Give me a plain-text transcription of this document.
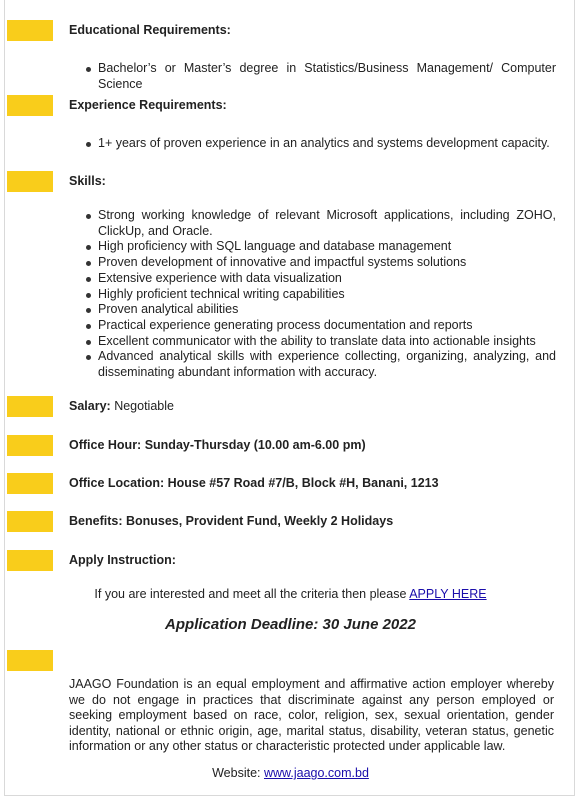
Educational Requirements:
Bachelor’s or Master’s degree in Statistics/Business Management/ Computer Science
Experience Requirements:
1+ years of proven experience in an analytics and systems development capacity.
Skills:
Strong working knowledge of relevant Microsoft applications, including ZOHO, ClickUp, and Oracle.
High proficiency with SQL language and database management
Proven development of innovative and impactful systems solutions
Extensive experience with data visualization
Highly proficient technical writing capabilities
Proven analytical abilities
Practical experience generating process documentation and reports
Excellent communicator with the ability to translate data into actionable insights
Advanced analytical skills with experience collecting, organizing, analyzing, and disseminating abundant information with accuracy.
Salary: Negotiable
Office Hour: Sunday-Thursday (10.00 am-6.00 pm)
Office Location: House #57 Road #7/B, Block #H, Banani, 1213
Benefits: Bonuses, Provident Fund, Weekly 2 Holidays
Apply Instruction:
If you are interested and meet all the criteria then please APPLY HERE
Application Deadline: 30 June 2022
JAAGO Foundation is an equal employment and affirmative action employer whereby we do not engage in practices that discriminate against any person employed or seeking employment based on race, color, religion, sex, sexual orientation, gender identity, national or ethnic origin, age, marital status, disability, veteran status, genetic information or any other status or characteristic protected under applicable law.
Website: www.jaago.com.bd
